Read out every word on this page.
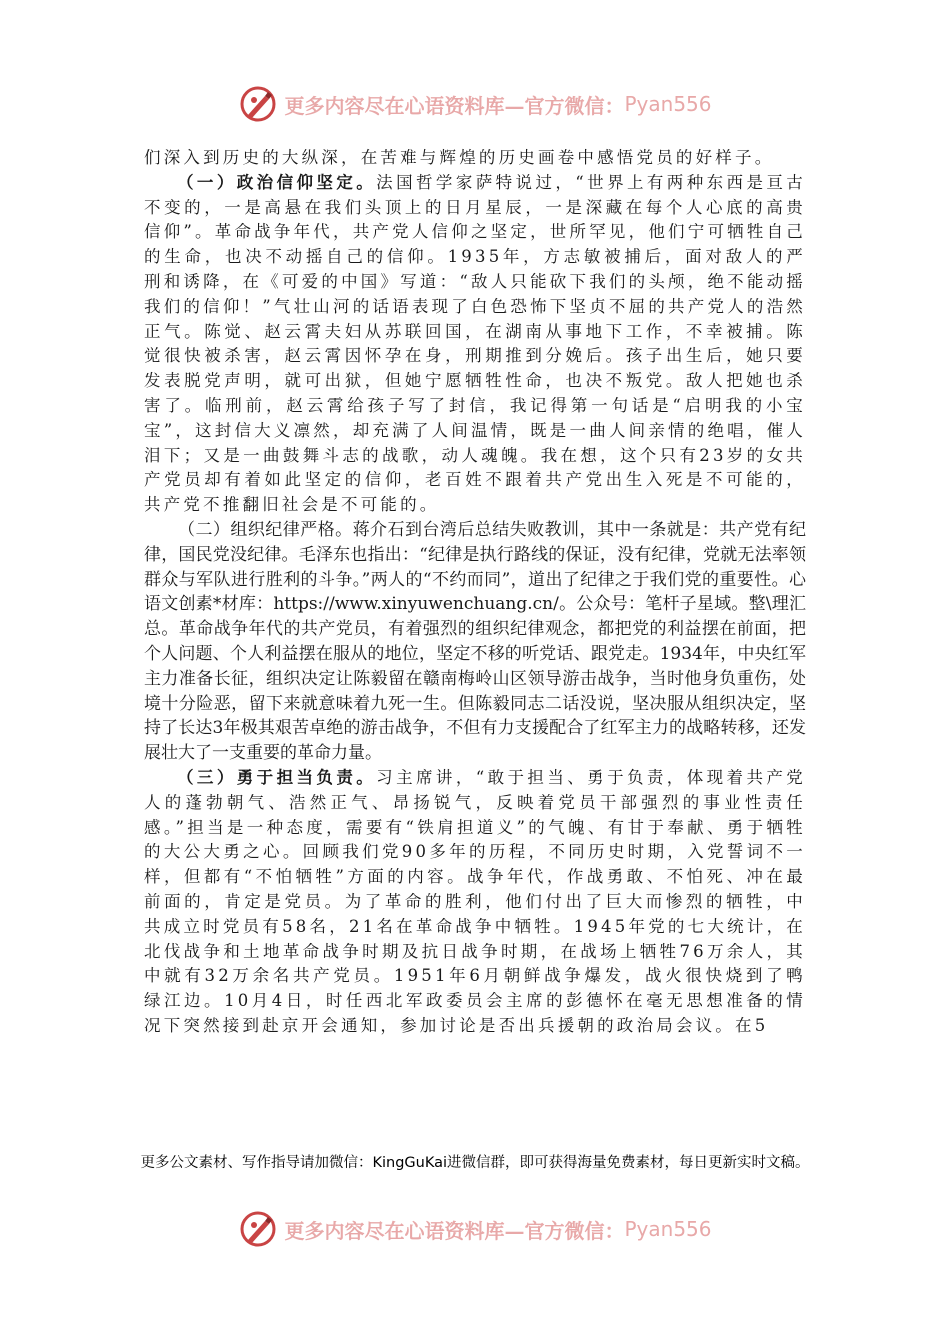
更多内容尽在心语资料库—官方微信： Pyan556

们深入到历史的大纵深，在苦难与辉煌的历史画卷中感悟党员的好样子。

（一）政治信仰坚定。法国哲学家萨特说过，“世界上有两种东西是亘古不变的，一是高悬在我们头顶上的日月星辰，一是深藏在每个人心底的高贵信仰”。革命战争年代，共产党人信仰之坚定，世所罕见，他们宁可牺牲自己的生命，也决不动摇自己的信仰。1935年，方志敏被捕后，面对敌人的严刑和诱降，在《可爱的中国》写道：“敌人只能砍下我们的头颅，绝不能动摇我们的信仰！”气壮山河的话语表现了白色恐怖下坚贞不屈的共产党人的浩然正气。陈觉、赵云霄夫妇从苏联回国，在湖南从事地下工作，不幸被捕。陈觉很快被杀害，赵云霄因怀孕在身，刑期推到分娩后。孩子出生后，她只要发表脱党声明，就可出狱，但她宁愿牺牲性命，也决不叛党。敌人把她也杀害了。临刑前，赵云霄给孩子写了封信，我记得第一句话是“启明我的小宝宝”，这封信大义凛然，却充满了人间温情，既是一曲人间亲情的绝唱，催人泪下；又是一曲鼓舞斗志的战歌，动人魂魄。我在想，这个只有23岁的女共产党员却有着如此坚定的信仰，老百姓不跟着共产党出生入死是不可能的，共产党不推翻旧社会是不可能的。

（二）组织纪律严格。蒋介石到台湾后总结失败教训，其中一条就是：共产党有纪律，国民党没纪律。毛泽东也指出：“纪律是执行路线的保证，没有纪律，党就无法率领群众与军队进行胜利的斗争。”两人的“不约而同”，道出了纪律之于我们党的重要性。心语文创素*材库：https://www.xinyuwenchuang.cn/。公众号：笔杆子星域。整\理汇总。革命战争年代的共产党员，有着强烈的组织纪律观念，都把党的利益摆在前面，把个人问题、个人利益摆在服从的地位，坚定不移的听党话、跟党走。1934年，中央红军主力准备长征，组织决定让陈毅留在赣南梅岭山区领导游击战争，当时他身负重伤，处境十分险恶，留下来就意味着九死一生。但陈毅同志二话没说，坚决服从组织决定，坚持了长达3年极其艰苦卓绝的游击战争，不但有力支援配合了红军主力的战略转移，还发展壮大了一支重要的革命力量。

（三）勇于担当负责。习主席讲，“敢于担当、勇于负责，体现着共产党人的蓬勃朝气、浩然正气、昂扬锐气，反映着党员干部强烈的事业性责任感。”担当是一种态度，需要有“铁肩担道义”的气魄、有甘于奉献、勇于牺牲的大公大勇之心。回顾我们党90多年的历程，不同历史时期，入党誓词不一样，但都有“不怕牺牲”方面的内容。战争年代，作战勇敢、不怕死、冲在最前面的，肯定是党员。为了革命的胜利，他们付出了巨大而惨烈的牺牲，中共成立时党员有58名，21名在革命战争中牺牲。1945年党的七大统计，在北伐战争和土地革命战争时期及抗日战争时期，在战场上牺牲76万余人，其中就有32万余名共产党员。1951年6月朝鲜战争爆发，战火很快烧到了鸭绿江边。10月4日，时任西北军政委员会主席的彭德怀在毫无思想准备的情况下突然接到赴京开会通知，参加讨论是否出兵援朝的政治局会议。在5

更多公文素材、写作指导请加微信：KingGuKai进微信群，即可获得海量免费素材，每日更新实时文稿。
更多内容尽在心语资料库—官方微信： Pyan556
